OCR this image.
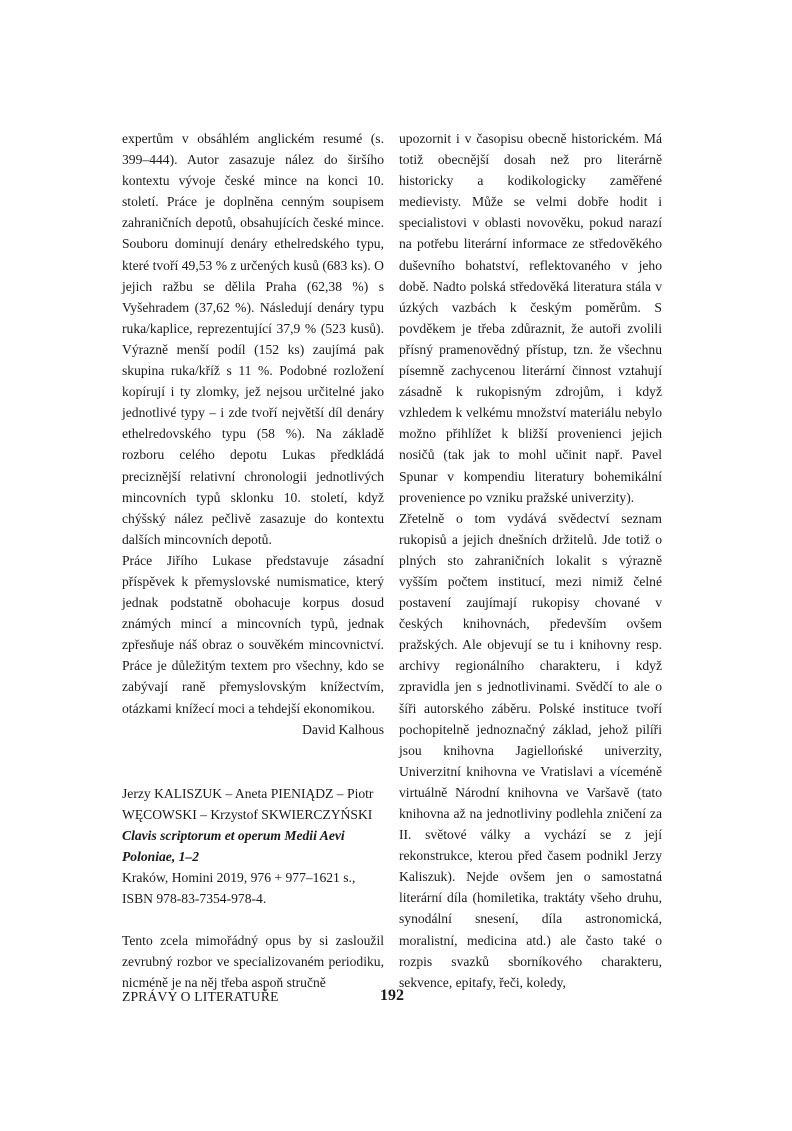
expertům v obsáhlém anglickém resumé (s. 399–444). Autor zasazuje nález do širšího kontextu vývoje české mince na konci 10. století. Práce je doplněna cenným soupisem zahraničních depotů, obsahujících české mince. Souboru dominují denáry ethelredského typu, které tvoří 49,53 % z určených kusů (683 ks). O jejich ražbu se dělila Praha (62,38 %) s Vyšehradem (37,62 %). Následují denáry typu ruka/kaplice, reprezentující 37,9 % (523 kusů). Výrazně menší podíl (152 ks) zaujímá pak skupina ruka/kříž s 11 %. Podobné rozložení kopírují i ty zlomky, jež nejsou určitelné jako jednotlivé typy – i zde tvoří největší díl denáry ethelredovského typu (58 %). Na základě rozboru celého depotu Lukas předkládá preciznější relativní chronologii jednotlivých mincovních typů sklonku 10. století, když chýšský nález pečlivě zasazuje do kontextu dalších mincovních depotů.

Práce Jiřího Lukase představuje zásadní příspěvek k přemyslovské numismatice, který jednak podstatně obohacuje korpus dosud známých mincí a mincovních typů, jednak zpřesňuje náš obraz o souvěkém mincovnictví. Práce je důležitým textem pro všechny, kdo se zabývají raně přemyslovským knížectvím, otázkami knížecí moci a tehdejší ekonomikou.

David Kalhous

Jerzy KALISZUK – Aneta PIENIĄDZ – Piotr WĘCOWSKI – Krzystof SKWIERCZYŃSKI
Clavis scriptorum et operum Medii Aevi Poloniae, 1–2
Kraków, Homini 2019, 976 + 977–1621 s., ISBN 978-83-7354-978-4.

Tento zcela mimořádný opus by si zasloužil zevrubný rozbor ve specializovaném periodiku, nicméně je na něj třeba aspoň stručně

upozornit i v časopisu obecně historickém. Má totiž obecnější dosah než pro literárně historicky a kodikologicky zaměřené medievisty. Může se velmi dobře hodit i specialistovi v oblasti novověku, pokud narazí na potřebu literární informace ze středověkého duševního bohatství, reflektovaného v jeho době. Nadto polská středověká literatura stála v úzkých vazbách k českým poměrům. S povděkem je třeba zdůraznit, že autoři zvolili přísný pramenovědný přístup, tzn. že všechnu písemně zachycenou literární činnost vztahují zásadně k rukopisným zdrojům, i když vzhledem k velkému množství materiálu nebylo možno přihlížet k bližší provenienci jejich nosičů (tak jak to mohl učinit např. Pavel Spunar v kompendiu literatury bohemikální provenience po vzniku pražské univerzity).

Zřetelně o tom vydává svědectví seznam rukopisů a jejich dnešních držitelů. Jde totiž o plných sto zahraničních lokalit s výrazně vyšším počtem institucí, mezi nimiž čelné postavení zaujímají rukopisy chované v českých knihovnách, především ovšem pražských. Ale objevují se tu i knihovny resp. archivy regionálního charakteru, i když zpravidla jen s jednotlivinami. Svědčí to ale o šíři autorského záběru. Polské instituce tvoří pochopitelně jednoznačný základ, jehož pilíři jsou knihovna Jagiellońské univerzity, Univerzitní knihovna ve Vratislavi a víceméně virtuálně Národní knihovna ve Varšavě (tato knihovna až na jednotliviny podlehla zničení za II. světové války a vychází se z její rekonstrukce, kterou před časem podnikl Jerzy Kaliszuk). Nejde ovšem jen o samostatná literární díla (homiletika, traktáty všeho druhu, synodální snesení, díla astronomická, moralistní, medicina atd.) ale často také o rozpis svazků sborníkového charakteru, sekvence, epitafy, řeči, koledy,

ZPRÁVY O LITERATUŘE	192
